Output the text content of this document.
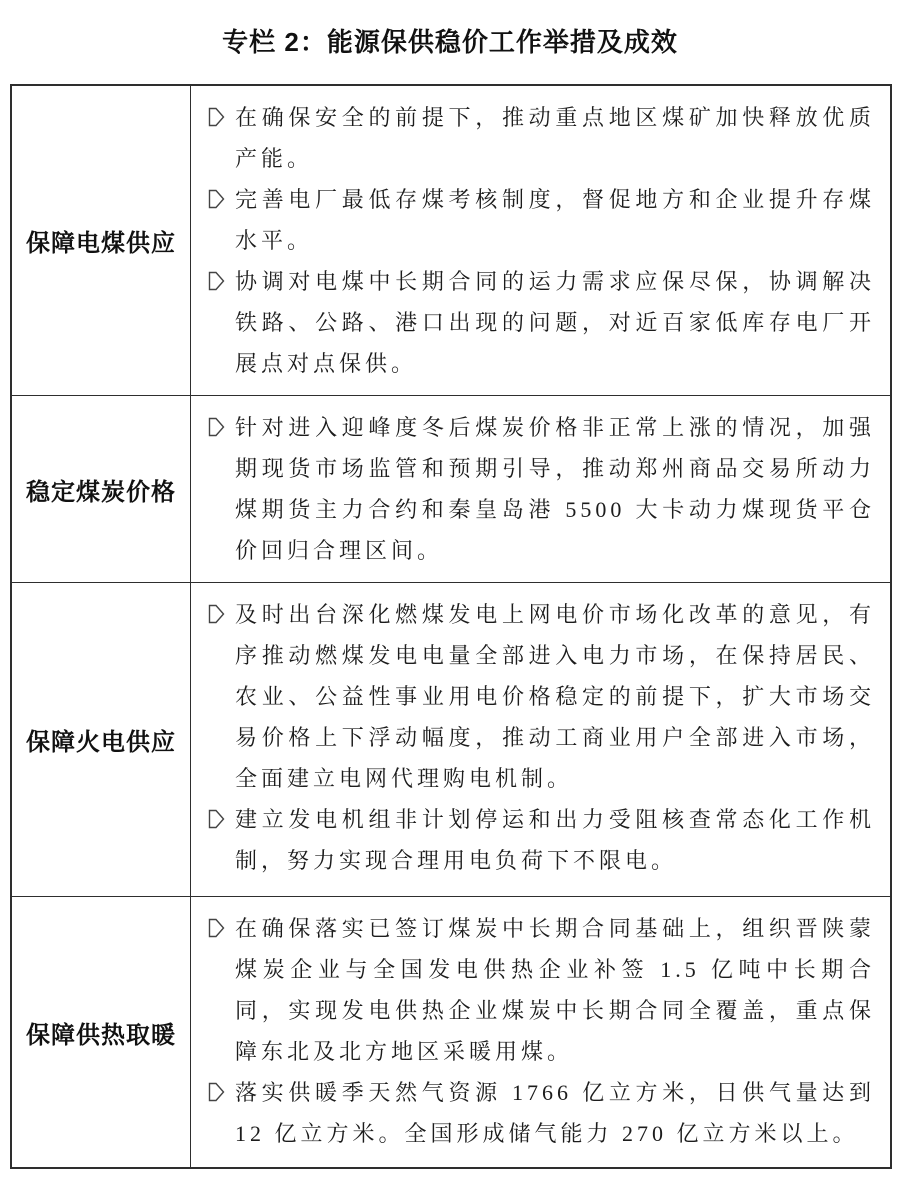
专栏 2：能源保供稳价工作举措及成效
保障电煤供应

在确保安全的前提下，推动重点地区煤矿加快释放优质产能。

完善电厂最低存煤考核制度，督促地方和企业提升存煤水平。

协调对电煤中长期合同的运力需求应保尽保，协调解决铁路、公路、港口出现的问题，对近百家低库存电厂开展点对点保供。

稳定煤炭价格

针对进入迎峰度冬后煤炭价格非正常上涨的情况，加强期现货市场监管和预期引导，推动郑州商品交易所动力煤期货主力合约和秦皇岛港 5500 大卡动力煤现货平仓价回归合理区间。

保障火电供应

及时出台深化燃煤发电上网电价市场化改革的意见，有序推动燃煤发电电量全部进入电力市场，在保持居民、农业、公益性事业用电价格稳定的前提下，扩大市场交易价格上下浮动幅度，推动工商业用户全部进入市场，全面建立电网代理购电机制。

建立发电机组非计划停运和出力受阻核查常态化工作机制，努力实现合理用电负荷下不限电。

保障供热取暖

在确保落实已签订煤炭中长期合同基础上，组织晋陕蒙煤炭企业与全国发电供热企业补签 1.5 亿吨中长期合同，实现发电供热企业煤炭中长期合同全覆盖，重点保障东北及北方地区采暖用煤。

落实供暖季天然气资源 1766 亿立方米，日供气量达到 12 亿立方米。全国形成储气能力 270 亿立方米以上。
